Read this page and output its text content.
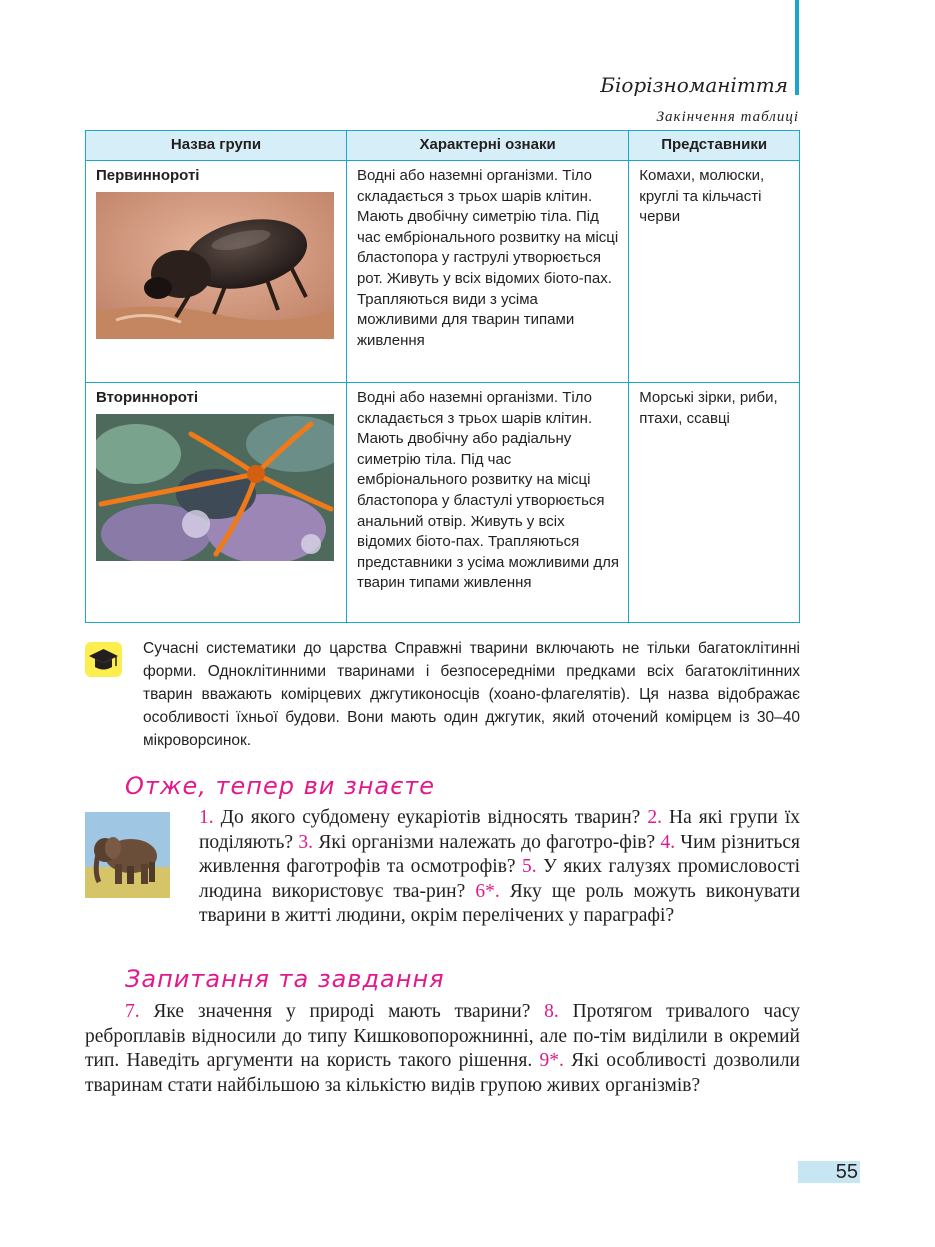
Біорізноманіття
Закінчення таблиці
Назва групи	Характерні ознаки	Представники

Первиннороті	Водні або наземні організми. Тіло складається з трьох шарів клітин. Мають двобічну симетрію тіла. Під час ембріонального розвитку на місці бластопора у гаструлі утворюється рот. Живуть у всіх відомих біото-пах. Трапляються види з усіма можливими для тварин типами живлення	Комахи, молюски, круглі та кільчасті черви

Вториннороті	Водні або наземні організми. Тіло складається з трьох шарів клітин. Мають двобічну або радіальну симетрію тіла. Під час ембріонального розвитку на місці бластопора у бластулі утворюється анальний отвір. Живуть у всіх відомих біото-пах. Трапляються представники з усіма можливими для тварин типами живлення	Морські зірки, риби, птахи, ссавці
Сучасні систематики до царства Справжні тварини включають не тільки багатоклітинні форми. Одноклітинними тваринами і безпосередніми предками всіх багатоклітинних тварин вважають комірцевих джгутиконосців (хоано-флагелятів). Ця назва відображає особливості їхньої будови. Вони мають один джгутик, який оточений комірцем із 30–40 мікроворсинок.
Отже, тепер ви знаєте
1. До якого субдомену еукаріотів відносять тварин? 2. На які групи їх поділяють? 3. Які організми належать до фаготро-фів? 4. Чим різниться живлення фаготрофів та осмотрофів? 5. У яких галузях промисловості людина використовує тва-рин? 6*. Яку ще роль можуть виконувати тварини в житті людини, окрім перелічених у параграфі?
Запитання та завдання
7. Яке значення у природі мають тварини? 8. Протягом тривалого часу реброплавів відносили до типу Кишковопорожнинні, але по-тім виділили в окремий тип. Наведіть аргументи на користь такого рішення. 9*. Які особливості дозволили тваринам стати найбільшою за кількістю видів групою живих організмів?
55
